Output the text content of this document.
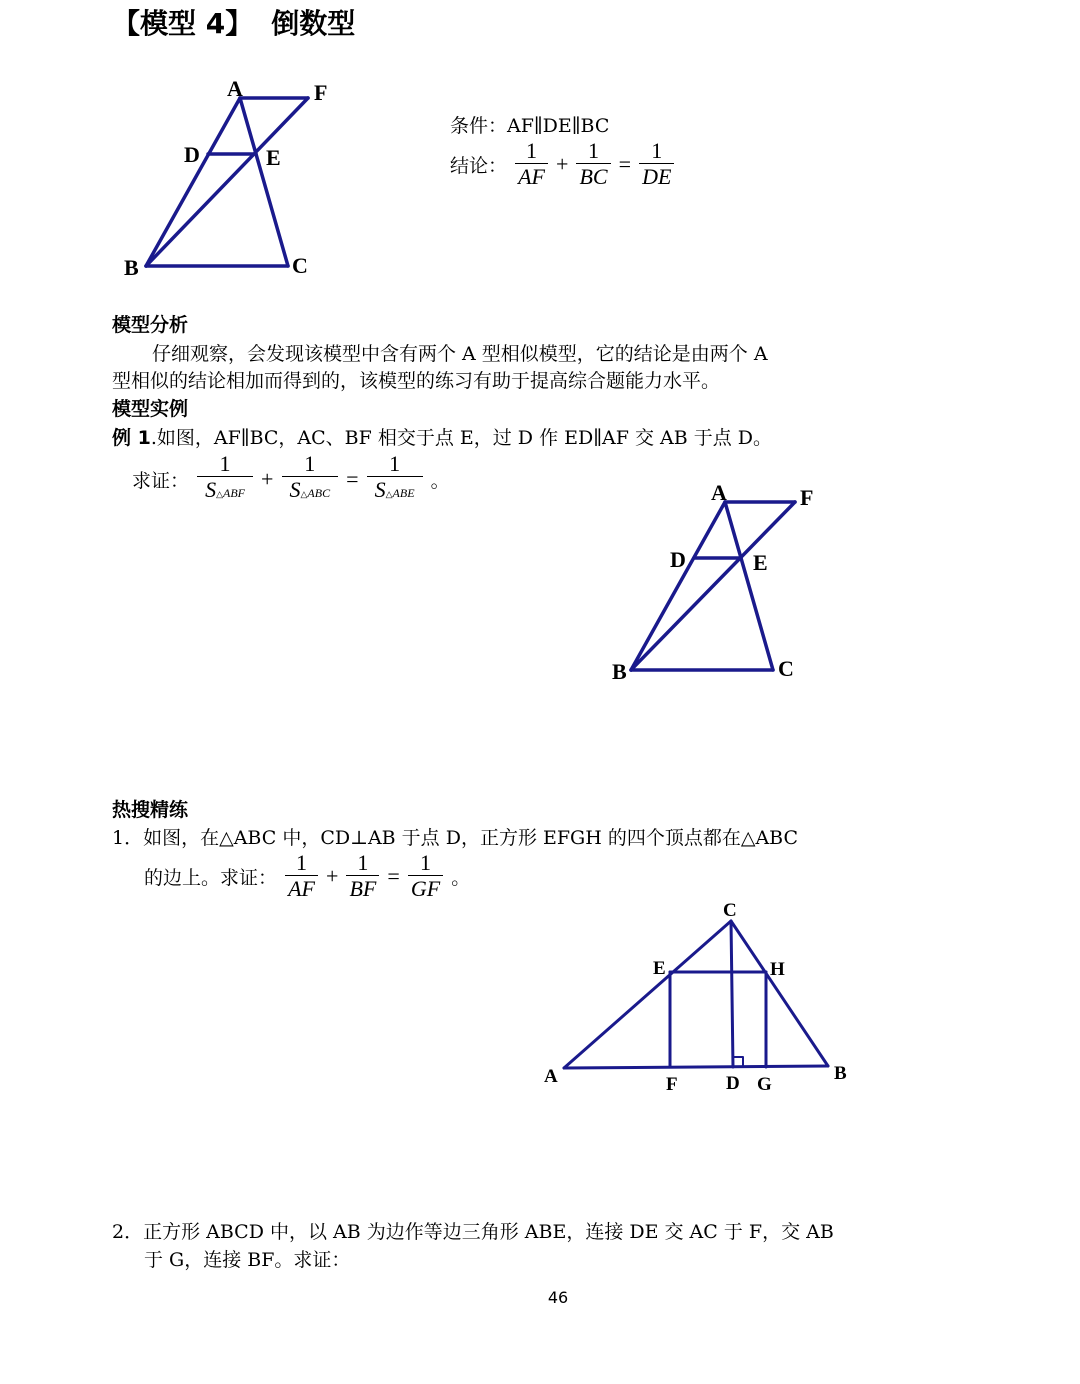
【模型 4】 倒数型
A	F
D	E
B	C
条件：AF∥DE∥BC
结论： $\frac{1}{AF} + \frac{1}{BC} = \frac{1}{DE}$
模型分析
仔细观察，会发现该模型中含有两个 A 型相似模型，它的结论是由两个 A
型相似的结论相加而得到的，该模型的练习有助于提高综合题能力水平。
模型实例
例 1.如图，AF∥BC，AC、BF 相交于点 E，过 D 作 ED∥AF 交 AB 于点 D。
求证： $\frac{1}{\text{S△ABF}} + \frac{1}{\text{S△ABC}} = \frac{1}{\text{S△ABE}}$ 。	A	F
D	E
B	C
热搜精练
1．如图，在△ABC 中，CD⊥AB 于点 D，正方形 EFGH 的四个顶点都在△ABC
的边上。求证： $\frac{1}{AF} + \frac{1}{BF} = \frac{1}{GF}$ 。
C
E	H
A	F	D G
B
2．正方形 ABCD 中，以 AB 为边作等边三角形 ABE，连接 DE 交 AC 于 F，交 AB
于 G，连接 BF。求证：
46
